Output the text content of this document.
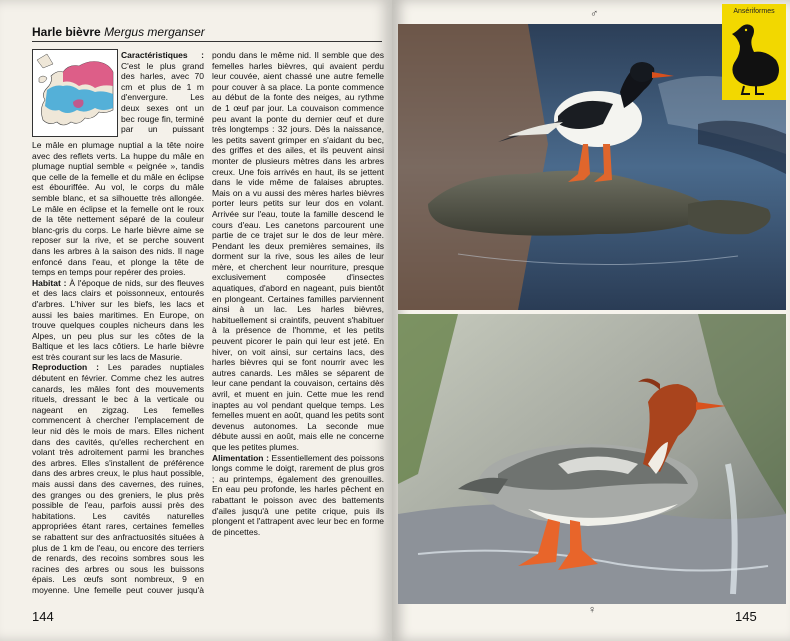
Harle bièvre Mergus merganser

Caractéristiques : C'est le plus grand des harles, avec 70 cm et plus de 1 m d'envergure. Les deux sexes ont un bec rouge fin, terminé par un puissant

Le mâle en plumage nuptial a la tête noire avec des reflets verts. La huppe du mâle en plumage nuptial semble « peignée », tandis que celle de la femelle et du mâle en éclipse est ébouriffée. Au vol, le corps du mâle semble blanc, et sa silhouette très allongée. Le mâle en éclipse et la femelle ont le roux de la tête nettement séparé de la couleur blanc-gris du corps. Le harle bièvre aime se reposer sur la rive, et se perche souvent dans les arbres à la saison des nids. Il nage enfoncé dans l'eau, et plonge la tête de temps en temps pour repérer des proies.

Habitat : À l'époque de nids, sur des fleuves et des lacs clairs et poissonneux, entourés d'arbres. L'hiver sur les biefs, les lacs et aussi les baies maritimes. En Europe, on trouve quelques couples nicheurs dans les Alpes, un peu plus sur les côtes de la Baltique et les lacs côtiers. Le harle bièvre est très courant sur les lacs de Masurie.

Reproduction : Les parades nuptiales débutent en février. Comme chez les autres canards, les mâles font des mouvements rituels, dressant le bec à la verticale ou nageant en zigzag. Les femelles commencent à chercher l'emplacement de leur nid dès le mois de mars. Elles nichent dans des cavités, qu'elles recherchent en volant très adroitement parmi les branches des arbres. Elles s'installent de préférence dans des arbres creux, le plus haut possible, mais aussi dans des cavernes, des ruines, des granges ou des greniers, le plus près possible de l'eau, parfois aussi près des habitations. Les cavités naturelles appropriées étant rares, certaines femelles se rabattent sur des anfractuosités situées à plus de 1 km de l'eau, ou encore des terriers de renards, des recoins sombres sous les racines des arbres ou sous les buissons épais. Les œufs sont nombreux, 9 en moyenne. Une femelle peut couver jusqu'à

pondu dans le même nid. Il semble que des femelles harles bièvres, qui avaient perdu leur couvée, aient chassé une autre femelle pour couver à sa place. La ponte commence au début de la fonte des neiges, au rythme de 1 œuf par jour. La couvaison commence peu avant la ponte du dernier œuf et dure très longtemps : 32 jours. Dès la naissance, les petits savent grimper en s'aidant du bec, des griffes et des ailes, et ils peuvent ainsi monter de plusieurs mètres dans les arbres creux. Une fois arrivés en haut, ils se jettent dans le vide même de falaises abruptes. Mais on a vu aussi des mères harles bièvres porter leurs petits sur leur dos en volant. Arrivée sur l'eau, toute la famille descend le cours d'eau. Les canetons parcourent une partie de ce trajet sur le dos de leur mère. Pendant les deux premières semaines, ils dorment sur la rive, sous les ailes de leur mère, et cherchent leur nourriture, presque exclusivement composée d'insectes aquatiques, d'abord en nageant, puis bientôt en plongeant. Certaines familles parviennent ainsi à un lac. Les harles bièvres, habituellement si craintifs, peuvent s'habituer à la présence de l'homme, et les petits peuvent picorer le pain qui leur est jeté. En hiver, on voit ainsi, sur certains lacs, des harles bièvres qui se font nourrir avec les autres canards. Les mâles se séparent de leur cane pendant la couvaison, certains dès avril, et muent en juin. Cette mue les rend inaptes au vol pendant quelque temps. Les femelles muent en août, quand les petits sont devenus autonomes. La seconde mue débute aussi en août, mais elle ne concerne que les petites plumes.

Alimentation : Essentiellement des poissons longs comme le doigt, rarement de plus gros ; au printemps, également des grenouilles. En eau peu profonde, les harles pêchent en rabattant le poisson avec des battements d'ailes jusqu'à une petite crique, puis ils plongent et l'attrapent avec leur bec en forme de pincettes.

144	145
♂
♀
Ansériformes
